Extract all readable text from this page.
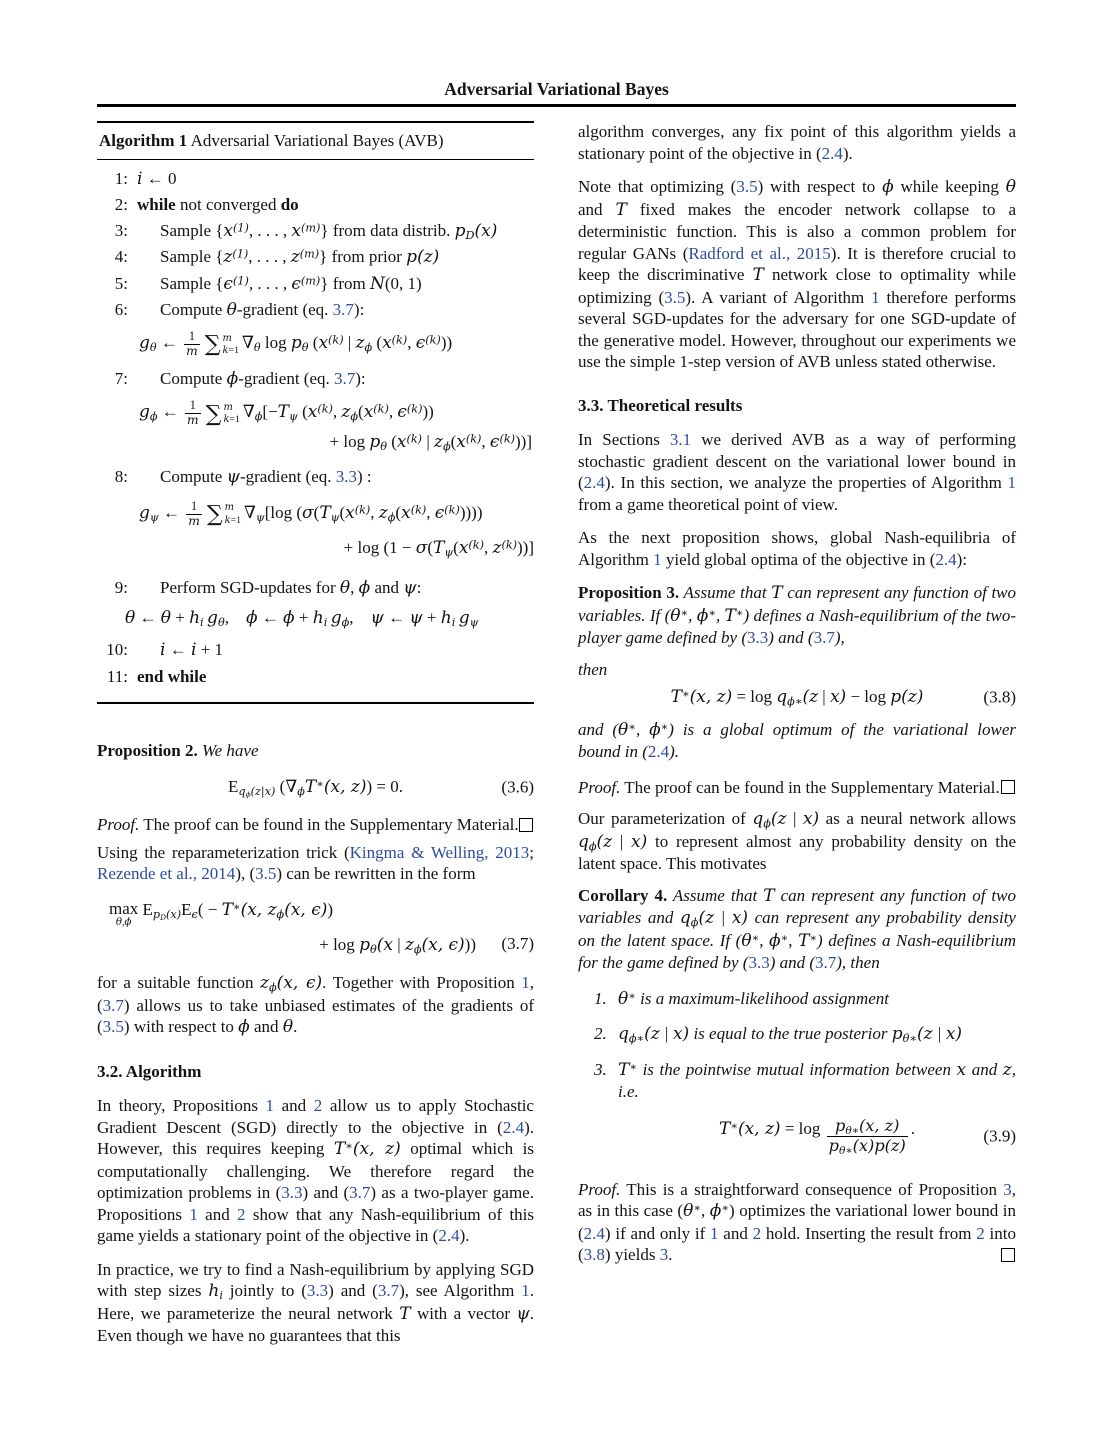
Adversarial Variational Bayes
Algorithm 1 Adversarial Variational Bayes (AVB)
1: i ← 0
2: while not converged do
3:	Sample {$x^{(1)}$, . . . , $x^{(m)}$} from data distrib. $p_D(x)$
4:	Sample {$z^{(1)}$, . . . , $z^{(m)}$} from prior p(z)
5:	Sample {$\epsilon^{(1)}$, . . . , $\epsilon^{(m)}$} from N(0, 1)
6:	Compute θ-gradient (eq. 3.7):
$g_\theta$ ← $\frac{1}{m}$ ∑ m
k=1 $\nabla_\theta$ $\log p_\theta$ ($x^{(k)}$ | $z_\phi$ ($x^{(k)}$, $\epsilon^{(k)}$))
7:	Compute ϕ-gradient (eq. 3.7):
$g_\phi$ ← $\frac{1}{m}$ ∑ m
k=1 $\nabla_\phi[-T_\psi$ ($x^{(k)}$, $z_\phi(x^{(k)}$, $\epsilon^{(k)}$))
+ $\log p_\theta$ ($x^{(k)}$ | $z_\phi(x^{(k)}$, $\epsilon^{(k)}$))]
8:	Compute ψ-gradient (eq. 3.3) :
$g_\psi$ ← $\frac{1}{m}$ ∑ m
k=1 $\nabla_\psi[\log$ ($\sigma(T_\psi(x^{(k)}$, $z_\phi(x^{(k)}$, $\epsilon^{(k)}$))))
+ $\log (1 - \sigma(T_\psi(x^{(k)}$, $z^{(k)}$))]
9:	Perform SGD-updates for θ, ϕ and ψ:
θ ← $\theta + h_i$  $g_\theta$, ϕ ← $\phi + h_i$  $g_\phi$, ψ ← $\psi + h_i$  $g_\psi$
10:	i ← i + 1
11: end while

Proposition 2. We have

$E_{q_\phi(z|x)}$ ($\nabla_\phi T^∗(x$, z)) = 0.	(3.6)

Proof. The proof can be found in the Supplementary Material.

Using the reparameterization trick (Kingma & Welling, 2013; Rezende et al., 2014), (3.5) can be rewritten in the form

max
θ,ϕ
$E_{p_D(x)}E_\epsilon( - T^∗(x$, $z_\phi(x$, ϵ))
+ $\log p_\theta(x$ | $z_\phi(x$, ϵ)))	(3.7)

for a suitable function $z_\phi(x$, ϵ). Together with Proposition 1, (3.7) allows us to take unbiased estimates of the gradients of (3.5) with respect to ϕ and θ.

3.2. Algorithm

In theory, Propositions 1 and 2 allow us to apply Stochastic Gradient Descent (SGD) directly to the objective in (2.4). However, this requires keeping T∗(x, z) optimal which is computationally challenging. We therefore regard the optimization problems in (3.3) and (3.7) as a two-player game. Propositions 1 and 2 show that any Nash-equilibrium of this game yields a stationary point of the objective in (2.4).

In practice, we try to find a Nash-equilibrium by applying SGD with step sizes $h_i$ jointly to (3.3) and (3.7), see Algorithm 1. Here, we parameterize the neural network T with a vector ψ. Even though we have no guarantees that this

algorithm converges, any fix point of this algorithm yields a stationary point of the objective in (2.4).

Note that optimizing (3.5) with respect to ϕ while keeping θ and T fixed makes the encoder network collapse to a deterministic function. This is also a common problem for regular GANs (Radford et al., 2015). It is therefore crucial to keep the discriminative T network close to optimality while optimizing (3.5). A variant of Algorithm 1 therefore performs several SGD-updates for the adversary for one SGD-update of the generative model. However, throughout our experiments we use the simple 1-step version of AVB unless stated otherwise.

3.3. Theoretical results

In Sections 3.1 we derived AVB as a way of performing stochastic gradient descent on the variational lower bound in (2.4). In this section, we analyze the properties of Algorithm 1 from a game theoretical point of view.

As the next proposition shows, global Nash-equilibria of Algorithm 1 yield global optima of the objective in (2.4):

Proposition 3. Assume that T can represent any function of two variables. If (θ∗, ϕ∗, T∗) defines a Nash-equilibrium of the two-player game defined by (3.3) and (3.7),

then

T∗(x, $z) = \log q_{\phi∗}(z$ | x) − log p(z)	(3.8)

and (θ∗, ϕ∗) is a global optimum of the variational lower bound in (2.4).

Proof. The proof can be found in the Supplementary Material.

Our parameterization of $q_\phi(z$ | x) as a neural network allows $q_\phi(z$ | x) to represent almost any probability density on the latent space. This motivates

Corollary 4. Assume that T can represent any function of two variables and $q_\phi(z$ | x) can represent any probability density on the latent space. If (θ∗, ϕ∗, T∗) defines a Nash-equilibrium for the game defined by (3.3) and (3.7), then

1. θ∗ is a maximum-likelihood assignment
2. $q_{\phi∗}(z$ | x) is equal to the true posterior $p_{\theta∗}(z$ | x)
3. T∗ is the pointwise mutual information between x and z, i.e.
T∗(x, $z) = \log \frac{p_{\theta∗}(x, z)}{p_{\theta∗}(x)p(z)}$ .	(3.9)

Proof. This is a straightforward consequence of Proposition 3, as in this case (θ∗, ϕ∗) optimizes the variational lower bound in (2.4) if and only if 1 and 2 hold. Inserting the result from 2 into (3.8) yields 3.
